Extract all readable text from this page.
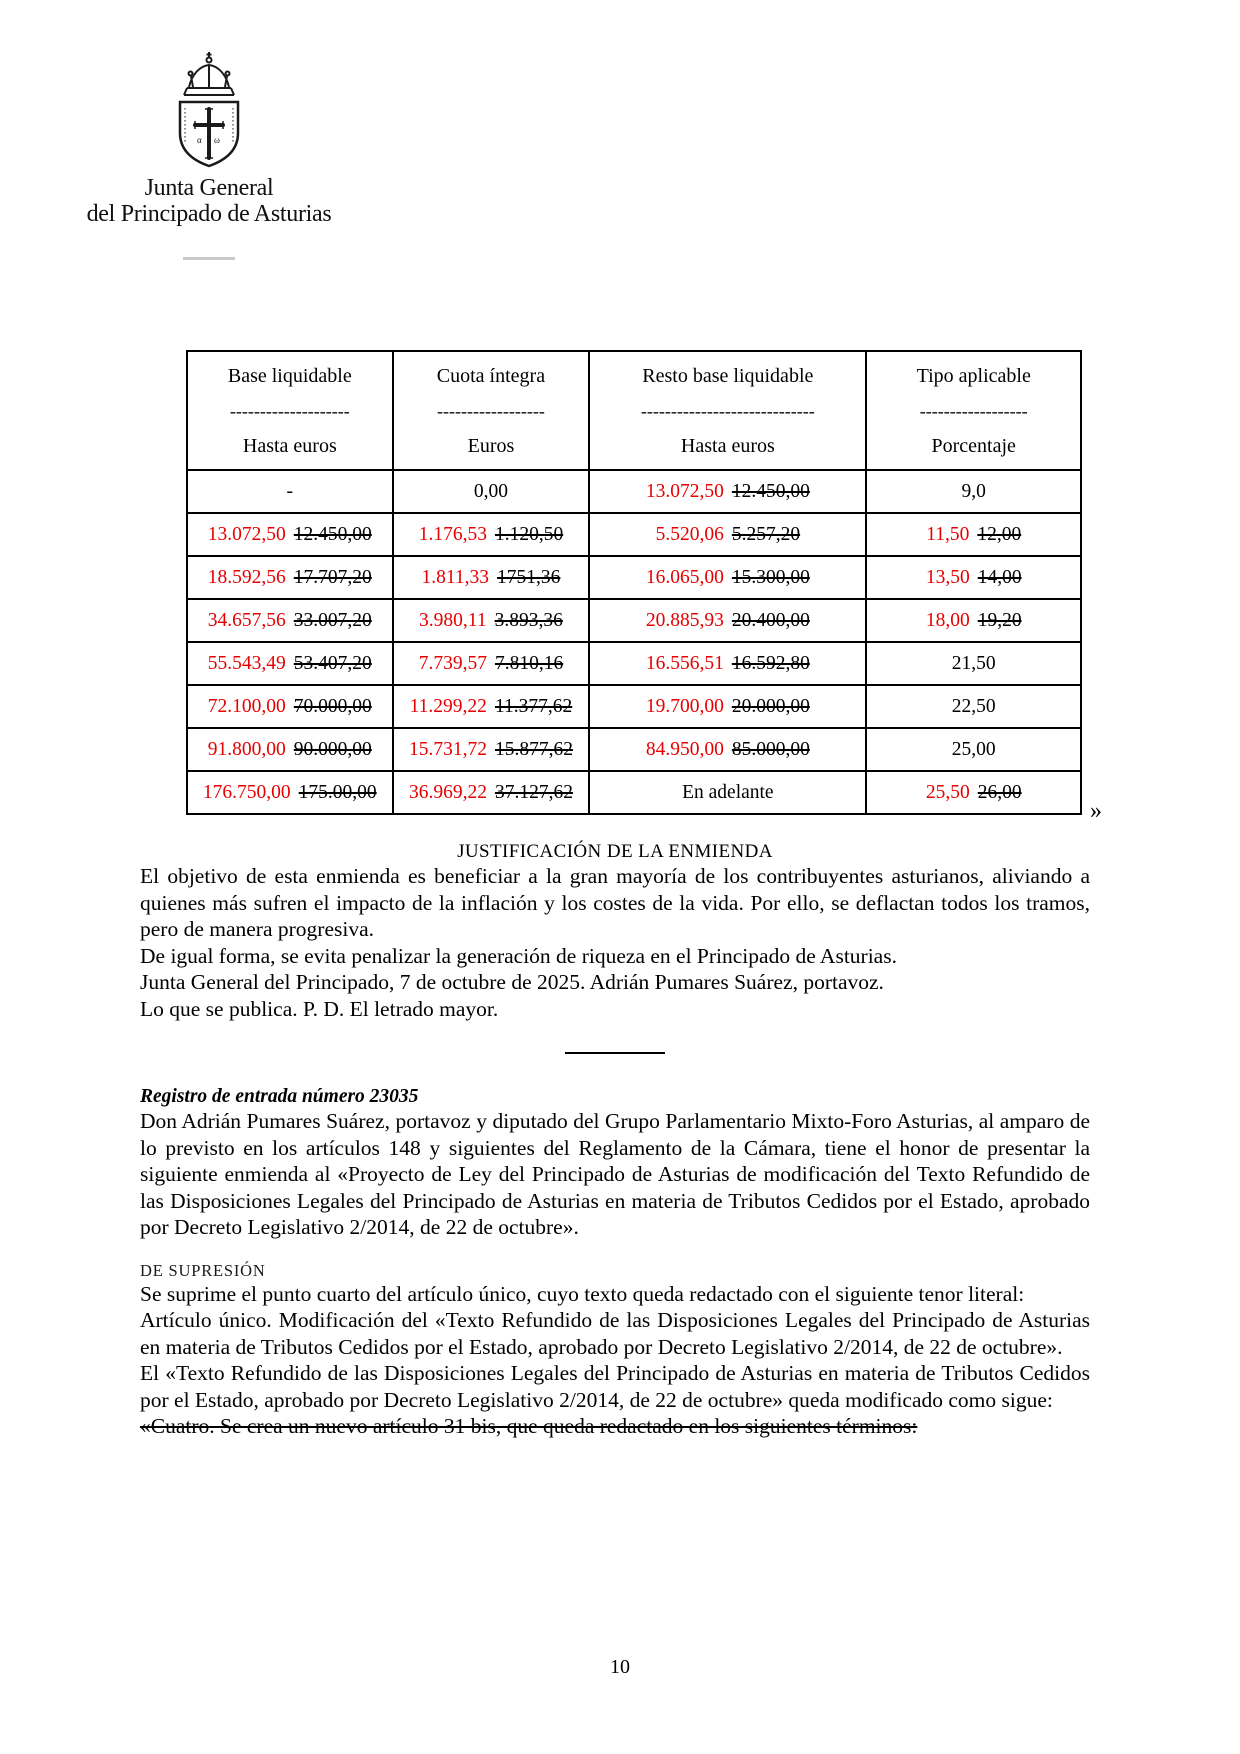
α ω
Junta General
del Principado de Asturias
Base liquidable
--------------------
Hasta euros

Cuota íntegra
------------------
Euros

Resto base liquidable
-----------------------------
Hasta euros

Tipo aplicable
------------------
Porcentaje

-	0,00	13.072,50 12.450,00	9,0
13.072,50 12.450,00	1.176,53 1.120,50	5.520,06 5.257,20	11,50 12,00
18.592,56 17.707,20	1.811,33 1751,36	16.065,00 15.300,00	13,50 14,00
34.657,56 33.007,20	3.980,11 3.893,36	20.885,93 20.400,00	18,00 19,20
55.543,49 53.407,20	7.739,57 7.810,16	16.556,51 16.592,80	21,50
72.100,00 70.000,00	11.299,22 11.377,62	19.700,00 20.000,00	22,50
91.800,00 90.000,00	15.731,72 15.877,62	84.950,00 85.000,00	25,00
176.750,00 175.00,00	36.969,22 37.127,62	En adelante	25,50 26,00
»
JUSTIFICACIÓN DE LA ENMIENDA

El objetivo de esta enmienda es beneficiar a la gran mayoría de los contribuyentes asturianos, aliviando a quienes más sufren el impacto de la inflación y los costes de la vida. Por ello, se deflactan todos los tramos, pero de manera progresiva.

De igual forma, se evita penalizar la generación de riqueza en el Principado de Asturias.

Junta General del Principado, 7 de octubre de 2025. Adrián Pumares Suárez, portavoz.

Lo que se publica. P. D. El letrado mayor.

Registro de entrada número 23035

Don Adrián Pumares Suárez, portavoz y diputado del Grupo Parlamentario Mixto-Foro Asturias, al amparo de lo previsto en los artículos 148 y siguientes del Reglamento de la Cámara, tiene el honor de presentar la siguiente enmienda al «Proyecto de Ley del Principado de Asturias de modificación del Texto Refundido de las Disposiciones Legales del Principado de Asturias en materia de Tributos Cedidos por el Estado, aprobado por Decreto Legislativo 2/2014, de 22 de octubre».

DE SUPRESIÓN

Se suprime el punto cuarto del artículo único, cuyo texto queda redactado con el siguiente tenor literal:

Artículo único. Modificación del «Texto Refundido de las Disposiciones Legales del Principado de Asturias en materia de Tributos Cedidos por el Estado, aprobado por Decreto Legislativo 2/2014, de 22 de octubre».

El «Texto Refundido de las Disposiciones Legales del Principado de Asturias en materia de Tributos Cedidos por el Estado, aprobado por Decreto Legislativo 2/2014, de 22 de octubre» queda modificado como sigue:

«Cuatro. Se crea un nuevo artículo 31 bis, que queda redactado en los siguientes términos:

10
